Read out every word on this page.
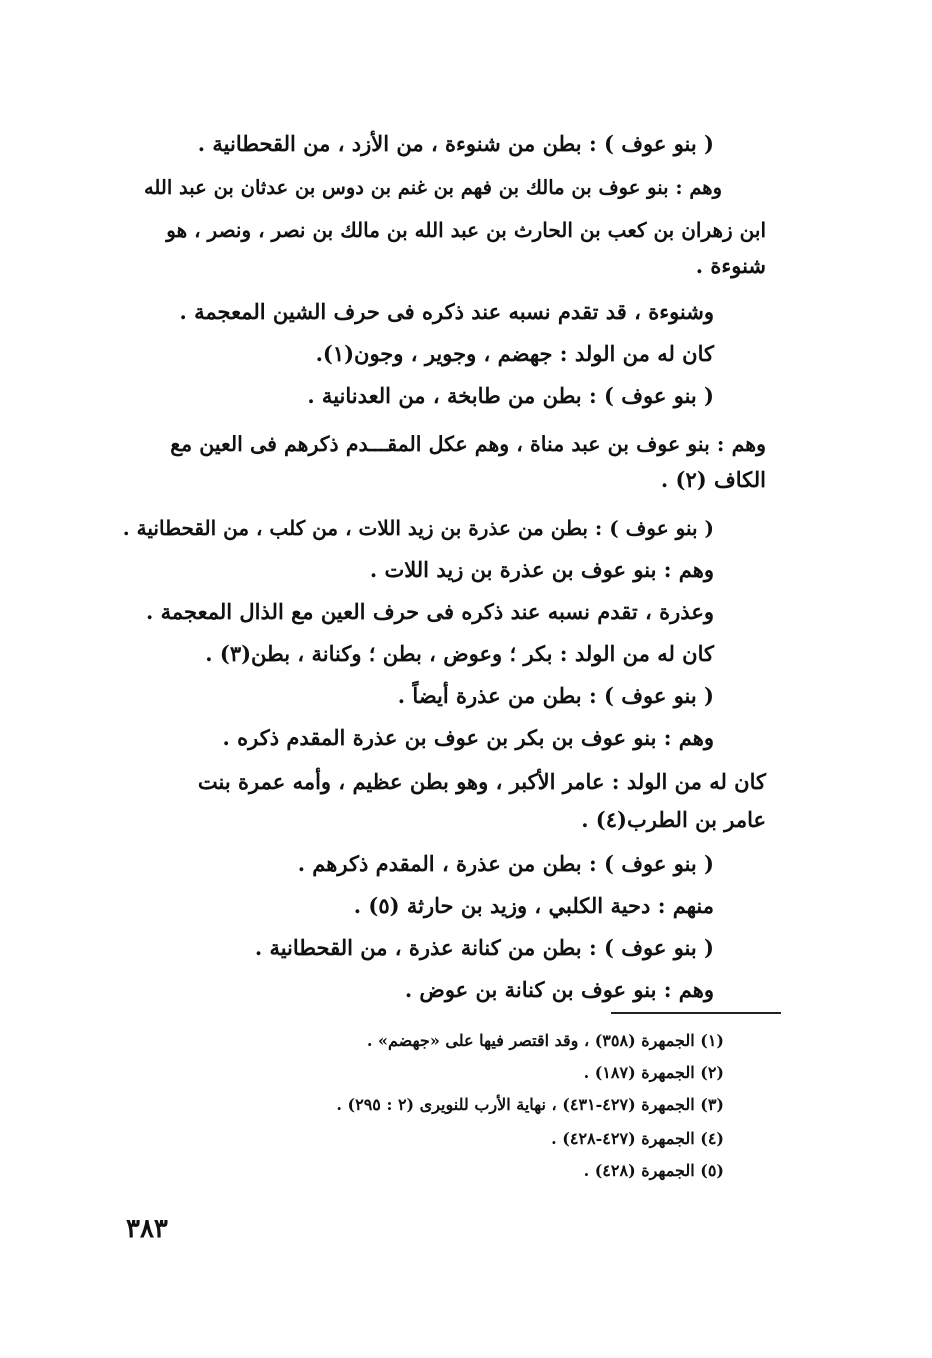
( بنو عوف ) : بطن من شنوءة ، من الأزد ، من القحطانية .
وهم : بنو عوف بن مالك بن فهم بن غنم بن دوس بن عدثان بن عبد الله
ابن زهران بن كعب بن الحارث بن عبد الله بن مالك بن نصر ، ونصر ، هو
شنوءة .
وشنوءة ، قد تقدم نسبه عند ذكره فى حرف الشين المعجمة .
كان له من الولد : جهضم ، وجوير ، وجون(١).
( بنو عوف ) : بطن من طابخة ، من العدنانية .
وهم : بنو عوف بن عبد مناة ، وهم عكل المقـــدم ذكرهم فى العين مع
الكاف (٢) .
( بنو عوف ) : بطن من عذرة بن زيد اللات ، من كلب ، من القحطانية .
وهم : بنو عوف بن عذرة بن زيد اللات .
وعذرة ، تقدم نسبه عند ذكره فى حرف العين مع الذال المعجمة .
كان له من الولد : بكر ؛ وعوض ، بطن ؛ وكنانة ، بطن(٣) .
( بنو عوف ) : بطن من عذرة أيضاً .
وهم : بنو عوف بن بكر بن عوف بن عذرة المقدم ذكره .
كان له من الولد : عامر الأكبر ، وهو بطن عظيم ، وأمه عمرة بنت
عامر بن الطرب(٤) .
( بنو عوف ) : بطن من عذرة ، المقدم ذكرهم .
منهم : دحية الكلبي ، وزيد بن حارثة (٥) .
( بنو عوف ) : بطن من كنانة عذرة ، من القحطانية .
وهم : بنو عوف بن كنانة بن عوض .
(١) الجمهرة (٣٥٨) ، وقد اقتصر فيها على «جهضم» .
(٢) الجمهرة (١٨٧) .
(٣) الجمهرة (٤٢٧-٤٣١) ، نهاية الأرب للنويرى (٢ : ٢٩٥) .
(٤) الجمهرة (٤٢٧-٤٢٨) .
(٥) الجمهرة (٤٢٨) .
٣٨٣
